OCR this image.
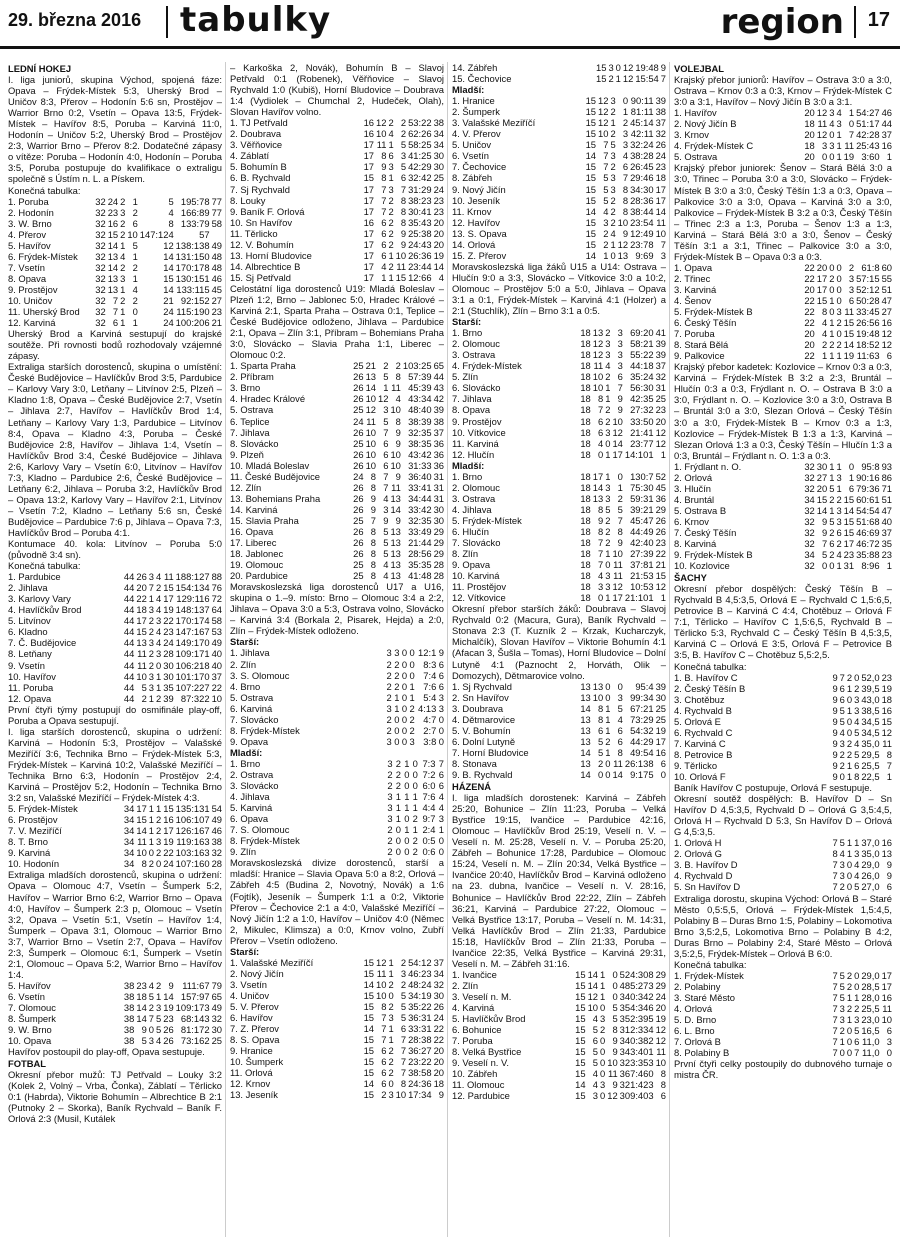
29. března 2016 tabulky	region 17
LEDNÍ HOKEJ

I. liga juniorů, skupina Východ, spojená fáze: Opava – Frýdek-Místek 5:3, Uherský Brod – Uničov 8:3, Přerov – Hodonín 5:6 sn, Prostějov – Warrior Brno 0:2, Vsetín – Opava 13:5, Frýdek-Místek – Havířov 8:5, Poruba – Karviná 11:0, Hodonín – Uničov 5:2, Uherský Brod – Prostějov 2:3, Warrior Brno – Přerov 8:2. Dodatečné zápasy o vítěze: Poruba – Hodonín 4:0, Hodonín – Poruba 3:5, Poruba postupuje do kvalifikace o extraligu společně s Ústím n. L. a Pískem.

Konečná tabulka:
1. Poruba	32	24	2	1	5	195:78	77
2. Hodonín	32	23	3	2	4	166:89	77
3. W. Brno	32	16	2	6	8	133:79	58
4. Přerov	32	15	2	10	147:124	57	
5. Havířov	32	14	1	5	12	138:138	49
6. Frýdek-Místek	32	13	4	1	14	131:150	48
7. Vsetín	32	14	2	2	14	170:178	48
8. Opava	32	13	3	1	15	130:151	46
9. Prostějov	32	13	1	4	14	133:115	45
10. Uničov	32	7	2	2	21	92:152	27
11. Uherský Brod	32	7	1	0	24	115:190	23
12. Karviná	32	6	1	1	24	100:206	21

Uherský Brod a Karviná sestupují do krajské soutěže. Při rovnosti bodů rozhodovaly vzájemné zápasy.

Extraliga starších dorostenců, skupina o umístění: České Budějovice – Havlíčkův Brod 3:5, Pardubice – Karlovy Vary 3:0, Letňany – Litvínov 2:5, Plzeň – Kladno 1:8, Opava – České Budějovice 2:7, Vsetín – Jihlava 2:7, Havířov – Havlíčkův Brod 1:4, Letňany – Karlovy Vary 1:3, Pardubice – Litvínov 8:4, Opava – Kladno 4:3, Poruba – České Budějovice 2:8, Havířov – Jihlava 1:4, Vsetín – Havlíčkův Brod 3:4, České Budějovice – Jihlava 2:6, Karlovy Vary – Vsetín 6:0, Litvínov – Havířov 7:3, Kladno – Pardubice 2:6, České Budějovice – Letňany 6:2, Jihlava – Poruba 3:2, Havlíčkův Brod – Opava 13:2, Karlovy Vary – Havířov 2:1, Litvínov – Vsetín 7:2, Kladno – Letňany 5:6 sn, České Budějovice – Pardubice 7:6 p, Jihlava – Opava 7:3, Havlíčkův Brod – Poruba 4:1.

Kontumace 40. kola: Litvínov – Poruba 5:0 (původně 3:4 sn).

Konečná tabulka:
1. Pardubice	44	26	3	4	11	188:127	88
2. Jihlava	44	20	7	2	15	154:134	76
3. Karlovy Vary	44	22	1	4	17	129:116	72
4. Havlíčkův Brod	44	18	3	4	19	148:137	64
5. Litvínov	44	17	2	3	22	170:174	58
6. Kladno	44	15	2	4	23	147:167	53
7. Č. Budějovice	44	13	3	4	24	149:170	49
8. Letňany	44	11	2	3	28	109:171	40
9. Vsetín	44	11	2	0	30	106:218	40
10. Havířov	44	10	3	1	30	101:170	37
11. Poruba	44	5	3	1	35	107:227	22
12. Opava	44	2	1	2	39	87:322	10

První čtyři týmy postupují do osmifinále play-off, Poruba a Opava sestupují.

I. liga starších dorostenců, skupina o udržení: Karviná – Hodonín 5:3, Prostějov – Valašské Meziříčí 3:6, Technika Brno – Frýdek-Místek 5:3, Frýdek-Místek – Karviná 10:2, Valašské Meziříčí – Technika Brno 6:3, Hodonín – Prostějov 2:4, Karviná – Prostějov 5:2, Hodonín – Technika Brno 3:2 sn, Valašské Meziříčí – Frýdek-Místek 4:3.

5. Frýdek-Místek	34	17	1	1	15	135:131	54
6. Prostějov	34	15	1	2	16	106:107	49
7. V. Meziříčí	34	14	1	2	17	126:167	46
8. T. Brno	34	11	1	3	19	119:163	38
9. Karviná	34	10	0	2	22	103:163	32
10. Hodonín	34	8	2	0	24	107:160	28

Extraliga mladších dorostenců, skupina o udržení: Opava – Olomouc 4:7, Vsetín – Šumperk 5:2, Havířov – Warrior Brno 6:2, Warrior Brno – Opava 4:0, Havířov – Šumperk 2:3 p, Olomouc – Vsetín 3:2, Opava – Vsetín 5:1, Vsetín – Havířov 1:4, Šumperk – Opava 3:1, Olomouc – Warrior Brno 3:7, Warrior Brno – Vsetín 2:7, Opava – Havířov 2:3, Šumperk – Olomouc 6:1, Šumperk – Vsetín 2:1, Olomouc – Opava 5:2, Warrior Brno – Havířov 1:4.

5. Havířov	38	23	4	2	9	111:67	79
6. Vsetín	38	18	5	1	14	157:97	65
7. Olomouc	38	14	2	3	19	109:173	49
8. Šumperk	38	14	7	5	23	68:143	32
9. W. Brno	38	9	0	5	26	81:172	30
10. Opava	38	5	3	4	26	73:162	25

Havířov postoupil do play-off, Opava sestupuje.

FOTBAL

Okresní přebor mužů: TJ Petřvald – Louky 3:2 (Kolek 2, Volný – Vrba, Čonka), Záblatí – Těrlicko 0:1 (Habrda), Viktorie Bohumín – Albrechtice B 2:1 (Putnoky 2 – Skorka), Baník Rychvald – Baník F. Orlová 2:3 (Musil, Kutálek

– Karkoška 2, Novák), Bohumín B – Slavoj Petřvald 0:1 (Robenek), Věřňovice – Slavoj Rychvald 1:0 (Kubiš), Horní Bludovice – Doubrava 1:4 (Vydiolek – Chumchal 2, Hudeček, Olah), Slovan Havířov volno.

1. TJ Petřvald	16	12	2	2	53:22	38
2. Doubrava	16	10	4	2	62:26	34
3. Věřňovice	17	11	1	5	58:25	34
4. Záblatí	17	8	6	3	41:25	30
5. Bohumín B	17	9	3	5	42:29	30
6. B. Rychvald	15	8	1	6	32:42	25
7. Sj Rychvald	17	7	3	7	31:29	24
8. Louky	17	7	2	8	38:23	23
9. Baník F. Orlová	17	7	2	8	30:41	23
10. Sn Havířov	16	6	2	8	35:43	20
11. Těrlicko	17	6	2	9	25:38	20
12. V. Bohumín	17	6	2	9	24:43	20
13. Horní Bludovice	17	6	1	10	26:36	19
14. Albrechtice B	17	4	2	11	23:44	14
15. Sj Petřvald	17	1	1	15	12:66	4

Celostátní liga dorostenců U19: Mladá Boleslav – Plzeň 1:2, Brno – Jablonec 5:0, Hradec Králové – Karviná 2:1, Sparta Praha – Ostrava 0:1, Teplice – České Budějovice odloženo, Jihlava – Pardubice 2:1, Opava – Zlín 3:1, Příbram – Bohemians Praha 3:0, Slovácko – Slavia Praha 1:1, Liberec – Olomouc 0:2.

1. Sparta Praha	25	21	2	2	103:25	65
2. Příbram	26	13	5	8	57:39	44
3. Brno	26	14	1	11	45:39	43
4. Hradec Králové	26	10	12	4	43:34	42
5. Ostrava	25	12	3	10	48:40	39
6. Teplice	24	11	5	8	38:39	38
7. Jihlava	26	10	7	9	32:35	37
8. Slovácko	25	10	6	9	38:35	36
9. Plzeň	26	10	6	10	43:42	36
10. Mladá Boleslav	26	10	6	10	31:33	36
11. České Budějovice	24	8	7	9	36:40	31
12. Zlín	26	8	7	11	33:41	31
13. Bohemians Praha	26	9	4	13	34:44	31
14. Karviná	26	9	3	14	33:42	30
15. Slavia Praha	25	7	9	9	32:35	30
16. Opava	26	8	5	13	33:49	29
17. Liberec	26	8	5	13	21:44	29
18. Jablonec	26	8	5	13	28:56	29
19. Olomouc	25	8	4	13	35:35	28
20. Pardubice	25	8	4	13	41:48	28

Moravskoslezská liga dorostenců U17 a U16, skupina o 1.–9. místo: Brno – Olomouc 3:4 a 2:2, Jihlava – Opava 3:0 a 5:3, Ostrava volno, Slovácko – Karviná 3:4 (Borkala 2, Pisarek, Hejda) a 2:0, Zlín – Frýdek-Místek odloženo.

Starší:
1. Jihlava	3	3	0	0	12:1	9
2. Zlín	2	2	0	0	8:3	6
3. S. Olomouc	2	2	0	0	7:4	6
4. Brno	2	2	0	1	7:6	6
5. Ostrava	2	1	0	1	5:4	3
6. Karviná	3	1	0	2	4:13	3
7. Slovácko	2	0	0	2	4:7	0
8. Frýdek-Místek	2	0	0	2	2:7	0
9. Opava	3	0	0	3	3:8	0
Mladší:
1. Brno	3	2	1	0	7:3	7
2. Ostrava	2	2	0	0	7:2	6
3. Slovácko	2	2	0	0	6:0	6
4. Jihlava	3	1	1	1	7:6	4
5. Karviná	3	1	1	1	4:4	4
6. Opava	3	1	0	2	9:7	3
7. S. Olomouc	2	0	1	1	2:4	1
8. Frýdek-Místek	2	0	0	2	0:5	0
9. Zlín	2	0	0	2	0:6	0

Moravskoslezská divize dorostenců, starší a mladší: Hranice – Slavia Opava 5:0 a 8:2, Orlová – Zábřeh 4:5 (Budina 2, Novotný, Novák) a 1:6 (Fojtík), Jeseník – Šumperk 1:1 a 0:2, Viktorie Přerov – Čechovice 2:1 a 4:0, Valašské Meziříčí – Nový Jičín 1:2 a 1:0, Havířov – Uničov 4:0 (Němec 2, Mikulec, Klimsza) a 0:0, Krnov volno, Zubří Přerov – Vsetín odloženo.

Starší:
1. Valašské Meziříčí	15	12	1	2	54:12	37
2. Nový Jičín	15	11	1	3	46:23	34
3. Vsetín	14	10	2	2	48:24	32
4. Uničov	15	10	0	5	34:19	30
5. V. Přerov	15	8	2	5	35:22	26
6. Havířov	15	7	3	5	36:31	24
7. Z. Přerov	14	7	1	6	33:31	22
8. S. Opava	15	7	1	7	28:38	22
9. Hranice	15	6	2	7	36:27	20
10. Šumperk	15	6	2	7	23:22	20
11. Orlová	15	6	2	7	38:58	20
12. Krnov	14	6	0	8	24:36	18
13. Jeseník	15	2	3	10	17:34	9
14. Zábřeh	15	3	0	12	19:48	9
15. Čechovice	15	2	1	12	15:54	7
Mladší:
1. Hranice	15	12	3	0	90:11	39
2. Šumperk	15	12	2	1	81:11	38
3. Valašské Meziříčí	15	12	1	2	45:14	37
4. V. Přerov	15	10	2	3	42:11	32
5. Uničov	15	7	5	3	32:24	26
6. Vsetín	14	7	3	4	38:28	24
7. Čechovice	15	7	2	6	26:45	23
8. Zábřeh	15	5	3	7	29:46	18
9. Nový Jičín	15	5	3	8	34:30	17
10. Jeseník	15	5	2	8	28:36	17
11. Krnov	14	4	2	8	38:44	14
12. Havířov	15	3	2	10	23:54	11
13. S. Opava	15	2	4	9	12:49	10
14. Orlová	15	2	1	12	23:78	7
15. Z. Přerov	14	1	0	13	9:69	3

Moravskoslezská liga žáků U15 a U14: Ostrava – Hlučín 9:0 a 3:3, Slovácko – Vítkovice 3:0 a 10:2, Olomouc – Prostějov 5:0 a 5:0, Jihlava – Opava 3:1 a 0:1, Frýdek-Místek – Karviná 4:1 (Holzer) a 2:1 (Stuchlík), Zlín – Brno 3:1 a 0:5.

Starší:
1. Brno	18	13	2	3	69:20	41
2. Olomouc	18	12	3	3	58:21	39
3. Ostrava	18	12	3	3	55:22	39
4. Frýdek-Místek	18	11	4	3	44:18	37
5. Zlín	18	10	2	6	35:24	32
6. Slovácko	18	10	1	7	56:30	31
7. Jihlava	18	8	1	9	42:35	25
8. Opava	18	7	2	9	27:32	23
9. Prostějov	18	6	2	10	33:50	20
10. Vítkovice	18	6	3	12	21:41	12
11. Karviná	18	4	0	14	23:77	12
12. Hlučín	18	0	1	17	14:101	1
Mladší:
1. Brno	18	17	1	0	130:7	52
2. Olomouc	18	14	3	1	75:30	45
3. Ostrava	18	13	3	2	59:31	36
4. Jihlava	18	8	5	5	39:21	29
5. Frýdek-Místek	18	9	2	7	45:47	26
6. Hlučín	18	8	2	8	44:49	26
7. Slovácko	18	7	2	9	42:40	23
8. Zlín	18	7	1	10	27:39	22
9. Opava	18	7	0	11	37:81	21
10. Karviná	18	4	3	11	21:53	15
11. Prostějov	18	3	3	12	10:53	12
12. Vítkovice	18	0	1	17	21:101	1

Okresní přebor starších žáků: Doubrava – Slavoj Rychvald 0:2 (Macura, Gura), Baník Rychvald – Stonava 2:3 (T. Kuzník 2 – Krzak, Kucharczyk, Michalčík), Slovan Havířov – Viktorie Bohumín 4:1 (Afacan 3, Šušla – Tomas), Horní Bludovice – Dolní Lutyně 4:1 (Paznocht 2, Horváth, Olik – Domozych), Dětmarovice volno.

1. Sj Rychvald	13	13	0	0	95:4	39
2. Sn Havířov	13	10	0	3	99:34	30
3. Doubrava	14	8	1	5	67:21	25
4. Dětmarovice	13	8	1	4	73:29	25
5. V. Bohumín	13	6	1	6	54:32	19
6. Dolní Lutyně	13	5	2	6	44:29	17
7. Horní Bludovice	14	5	1	8	49:54	16
8. Stonava	13	2	0	11	26:138	6
9. B. Rychvald	14	0	0	14	9:175	0
HÁZENÁ

I. liga mladších dorostenek: Karviná – Zábřeh 25:20, Bohunice – Zlín 11:23, Poruba – Velká Bystřice 19:15, Ivančice – Pardubice 42:16, Olomouc – Havlíčkův Brod 25:19, Veselí n. V. – Veselí n. M. 25:28, Veselí n. V. – Poruba 25:20, Zábřeh – Bohunice 17:28, Pardubice – Olomouc 15:24, Veselí n. M. – Zlín 20:34, Velká Bystřice – Ivančice 20:40, Havlíčkův Brod – Karviná odloženo na 23. dubna, Ivančice – Veselí n. V. 28:16, Bohunice – Havlíčkův Brod 22:22, Zlín – Zábřeh 36:21, Karviná – Pardubice 27:22, Olomouc – Velká Bystřice 13:17, Poruba – Veselí n. M. 14:31, Velká Havlíčkův Brod – Zlín 21:33, Pardubice 15:18, Havlíčkův Brod – Zlín 21:33, Poruba – Ivančice 22:35, Velká Bystřice – Karviná 29:31, Veselí n. M. – Zábřeh 31:16.

1. Ivančice	15	14	1	0	524:308	29
2. Zlín	15	14	1	0	485:273	29
3. Veselí n. M.	15	12	1	0	340:342	24
4. Karviná	15	10	0	5	354:346	20
5. Havlíčkův Brod	15	4	3	5	352:395	19
6. Bohunice	15	5	2	8	312:334	12
7. Poruba	15	6	0	9	340:382	12
8. Velká Bystřice	15	5	0	9	343:401	11
9. Veselí n. V.	15	5	0	10	323:353	10
10. Zábřeh	15	4	0	11	367:460	8
11. Olomouc	14	4	3	9	321:423	8
12. Pardubice	15	3	0	12	309:403	6
VOLEJBAL

Krajský přebor juniorů: Havířov – Ostrava 3:0 a 3:0, Ostrava – Krnov 0:3 a 0:3, Krnov – Frýdek-Místek C 3:0 a 3:1, Havířov – Nový Jičín B 3:0 a 3:1.

1. Havířov	20	12	3	4	1	54:27	46
2. Nový Jičín B	18	11	4	3	0	51:17	44
3. Krnov	20	12	0	1	7	42:28	37
4. Frýdek-Místek C	18	3	3	1	11	25:43	16
5. Ostrava	20	0	0	1	19	3:60	1

Krajský přebor juniorek: Šenov – Stará Bělá 3:0 a 3:0, Třinec – Poruba 3:0 a 3:0, Slovácko – Frýdek-Místek B 3:0 a 3:0, Český Těšín 1:3 a 0:3, Opava – Palkovice 3:0 a 3:0, Opava – Karviná 3:0 a 3:0, Palkovice – Frýdek-Místek B 3:2 a 0:3, Český Těšín – Třinec 2:3 a 1:3, Poruba – Šenov 1:3 a 1:3, Karviná – Stará Bělá 3:0 a 3:0, Šenov – Český Těšín 3:1 a 3:1, Třinec – Palkovice 3:0 a 3:0, Frýdek-Místek B – Opava 0:3 a 0:3.

1. Opava	22	20	0	0	2	61:8	60
2. Třinec	22	17	2	0	3	57:15	55
3. Karviná	20	17	0	0	3	52:12	51
4. Šenov	22	15	1	0	6	50:28	47
5. Frýdek-Místek B	22	8	0	3	11	33:45	27
6. Český Těšín	22	4	1	2	15	26:56	16
7. Poruba	20	4	1	0	15	19:48	12
8. Stará Bělá	20	2	2	2	14	18:52	12
9. Palkovice	22	1	1	1	19	11:63	6

Krajský přebor kadetek: Kozlovice – Krnov 0:3 a 0:3, Karviná – Frýdek-Místek B 3:2 a 2:3, Bruntál – Hlučín 0:3 a 0:3, Frýdlant n. O. – Ostrava B 3:0 a 3:0, Frýdlant n. O. – Kozlovice 3:0 a 3:0, Ostrava B – Bruntál 3:0 a 3:0, Slezan Orlová – Český Těšín 3:0 a 3:0, Frýdek-Místek B – Krnov 0:3 a 1:3, Kozlovice – Frýdek-Místek B 1:3 a 1:3, Karviná – Slezan Orlová 1:3 a 0:3, Český Těšín – Hlučín 1:3 a 0:3, Bruntál – Frýdlant n. O. 1:3 a 0:3.

1. Frýdlant n. O.	32	30	1	1	0	95:8	93
2. Orlová	32	27	1	3	1	90:16	86
3. Hlučín	32	20	5	1	6	79:36	71
4. Bruntál	34	15	2	2	15	60:61	51
5. Ostrava B	32	14	1	3	14	54:54	47
6. Krnov	32	9	5	3	15	51:68	40
7. Český Těšín	32	9	2	6	15	46:69	37
8. Karviná	32	7	6	2	17	46:72	35
9. Frýdek-Místek B	34	5	2	4	23	35:88	23
10. Kozlovice	32	0	0	1	31	8:96	1
ŠACHY

Okresní přebor dospělých: Český Těšín B – Rychvald B 4,5:3,5, Orlová E – Rychvald C 1,5:6,5, Petrovice B – Karviná C 4:4, Chotěbuz – Orlová F 7:1, Těrlicko – Havířov C 1,5:6,5, Rychvald B – Těrlicko 5:3, Rychvald C – Český Těšín B 4,5:3,5, Karviná C – Orlová E 3:5, Orlová F – Petrovice B 3:5, B. Havířov C – Chotěbuz 5,5:2,5.

Konečná tabulka:
1. B. Havířov C	9	7	2	0	52,0	23
2. Český Těšín B	9	6	1	2	39,5	19
3. Chotěbuz	9	6	0	3	43,0	18
4. Rychvald B	9	5	1	3	38,5	16
5. Orlová E	9	5	0	4	34,5	15
6. Rychvald C	9	4	0	5	34,5	12
7. Karviná C	9	3	2	4	35,0	11
8. Petrovice B	9	2	2	5	29,5	8
9. Těrlicko	9	2	1	6	25,5	7
10. Orlová F	9	0	1	8	22,5	1

Baník Havířov C postupuje, Orlová F sestupuje.

Okresní soutěž dospělých: B. Havířov D – Sn Havířov D 4,5:3,5, Rychvald D – Orlová G 3,5:4,5, Orlová H – Rychvald D 5:3, Sn Havířov D – Orlová G 4,5:3,5.

1. Orlová H	7	5	1	1	37,0	16
2. Orlová G	8	4	1	3	35,0	13
3. B. Havířov D	7	3	0	4	29,0	9
4. Rychvald D	7	3	0	4	26,0	9
5. Sn Havířov D	7	2	0	5	27,0	6

Extraliga dorostu, skupina Východ: Orlová B – Staré Město 0,5:5,5, Orlová – Frýdek-Místek 1,5:4,5, Polabiny B – Duras Brno 1:5, Polabiny – Lokomotiva Brno 3,5:2,5, Lokomotiva Brno – Polabiny B 4:2, Duras Brno – Polabiny 2:4, Staré Město – Orlová 3,5:2,5, Frýdek-Místek – Orlová B 6:0.

Konečná tabulka:
1. Frýdek-Místek	7	5	2	0	29,0	17
2. Polabiny	7	5	2	0	28,5	17
3. Staré Město	7	5	1	1	28,0	16
4. Orlová	7	3	2	2	25,5	11
5. D. Brno	7	3	1	3	23,0	10
6. L. Brno	7	2	0	5	16,5	6
7. Orlová B	7	1	0	6	11,0	3
8. Polabiny B	7	0	0	7	11,0	0

První čtyři celky postoupily do dubnového turnaje o mistra ČR.
